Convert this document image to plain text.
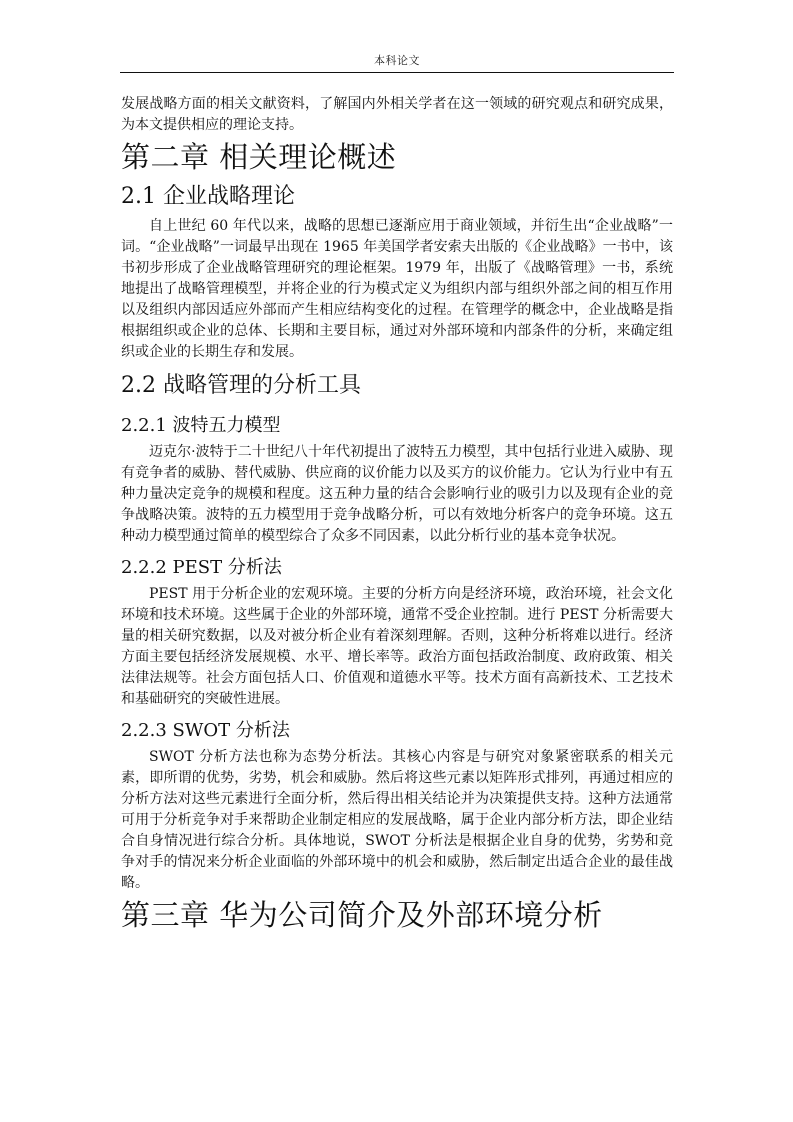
本科论文

发展战略方面的相关文献资料，了解国内外相关学者在这一领域的研究观点和研究成果，为本文提供相应的理论支持。

第二章 相关理论概述
2.1 企业战略理论

自上世纪 60 年代以来，战略的思想已逐渐应用于商业领域，并衍生出“企业战略”一词。“企业战略”一词最早出现在 1965 年美国学者安索夫出版的《企业战略》一书中，该书初步形成了企业战略管理研究的理论框架。1979 年，出版了《战略管理》一书，系统地提出了战略管理模型，并将企业的行为模式定义为组织内部与组织外部之间的相互作用以及组织内部因适应外部而产生相应结构变化的过程。在管理学的概念中，企业战略是指根据组织或企业的总体、长期和主要目标，通过对外部环境和内部条件的分析，来确定组织或企业的长期生存和发展。

2.2 战略管理的分析工具
2.2.1 波特五力模型

迈克尔·波特于二十世纪八十年代初提出了波特五力模型，其中包括行业进入威胁、现有竞争者的威胁、替代威胁、供应商的议价能力以及买方的议价能力。它认为行业中有五种力量决定竞争的规模和程度。这五种力量的结合会影响行业的吸引力以及现有企业的竞争战略决策。波特的五力模型用于竞争战略分析，可以有效地分析客户的竞争环境。这五种动力模型通过简单的模型综合了众多不同因素，以此分析行业的基本竞争状况。

2.2.2 PEST 分析法

PEST 用于分析企业的宏观环境。主要的分析方向是经济环境，政治环境，社会文化环境和技术环境。这些属于企业的外部环境，通常不受企业控制。进行 PEST 分析需要大量的相关研究数据，以及对被分析企业有着深刻理解。否则，这种分析将难以进行。经济方面主要包括经济发展规模、水平、增长率等。政治方面包括政治制度、政府政策、相关法律法规等。社会方面包括人口、价值观和道德水平等。技术方面有高新技术、工艺技术和基础研究的突破性进展。

2.2.3 SWOT 分析法

SWOT 分析方法也称为态势分析法。其核心内容是与研究对象紧密联系的相关元素，即所谓的优势，劣势，机会和威胁。然后将这些元素以矩阵形式排列，再通过相应的分析方法对这些元素进行全面分析，然后得出相关结论并为决策提供支持。这种方法通常可用于分析竞争对手来帮助企业制定相应的发展战略，属于企业内部分析方法，即企业结合自身情况进行综合分析。具体地说，SWOT 分析法是根据企业自身的优势，劣势和竞争对手的情况来分析企业面临的外部环境中的机会和威胁，然后制定出适合企业的最佳战略。

第三章 华为公司简介及外部环境分析
